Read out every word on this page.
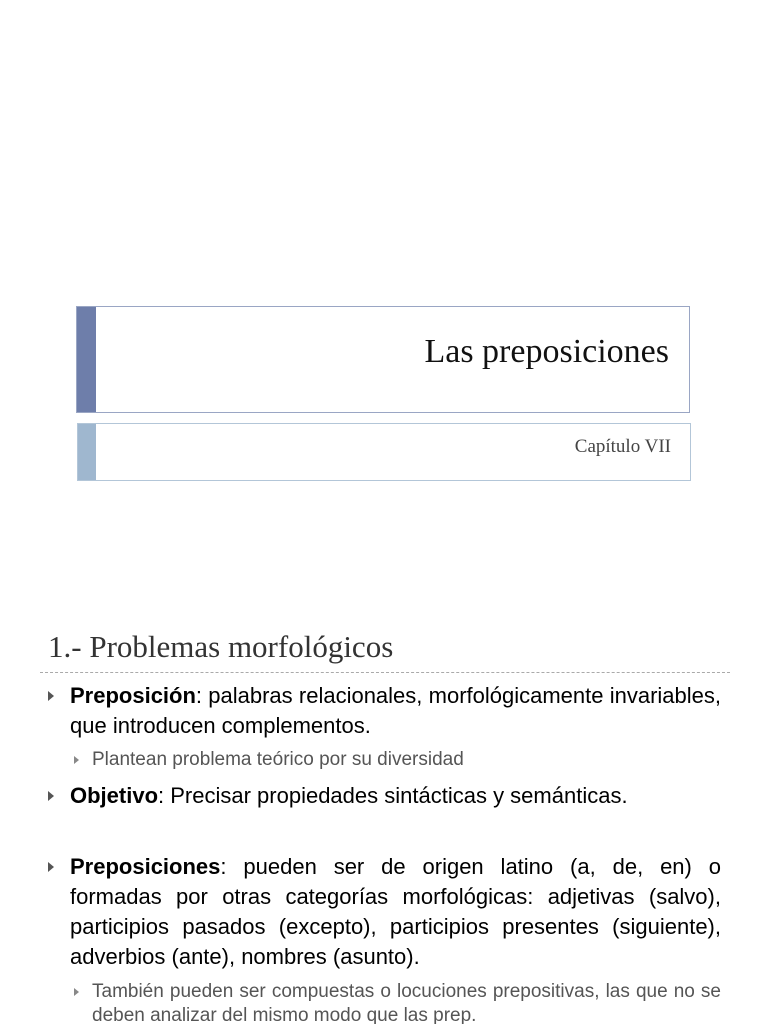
Las preposiciones
Capítulo VII
1.- Problemas morfológicos
Preposición: palabras relacionales, morfológicamente invariables, que introducen complementos.
Plantean problema teórico por su diversidad
Objetivo: Precisar propiedades sintácticas y semánticas.
Preposiciones: pueden ser de origen latino (a, de, en) o formadas por otras categorías morfológicas: adjetivas (salvo), participios pasados (excepto), participios presentes (siguiente), adverbios (ante), nombres (asunto).
También pueden ser compuestas o locuciones prepositivas, las que no se deben analizar del mismo modo que las prep.
